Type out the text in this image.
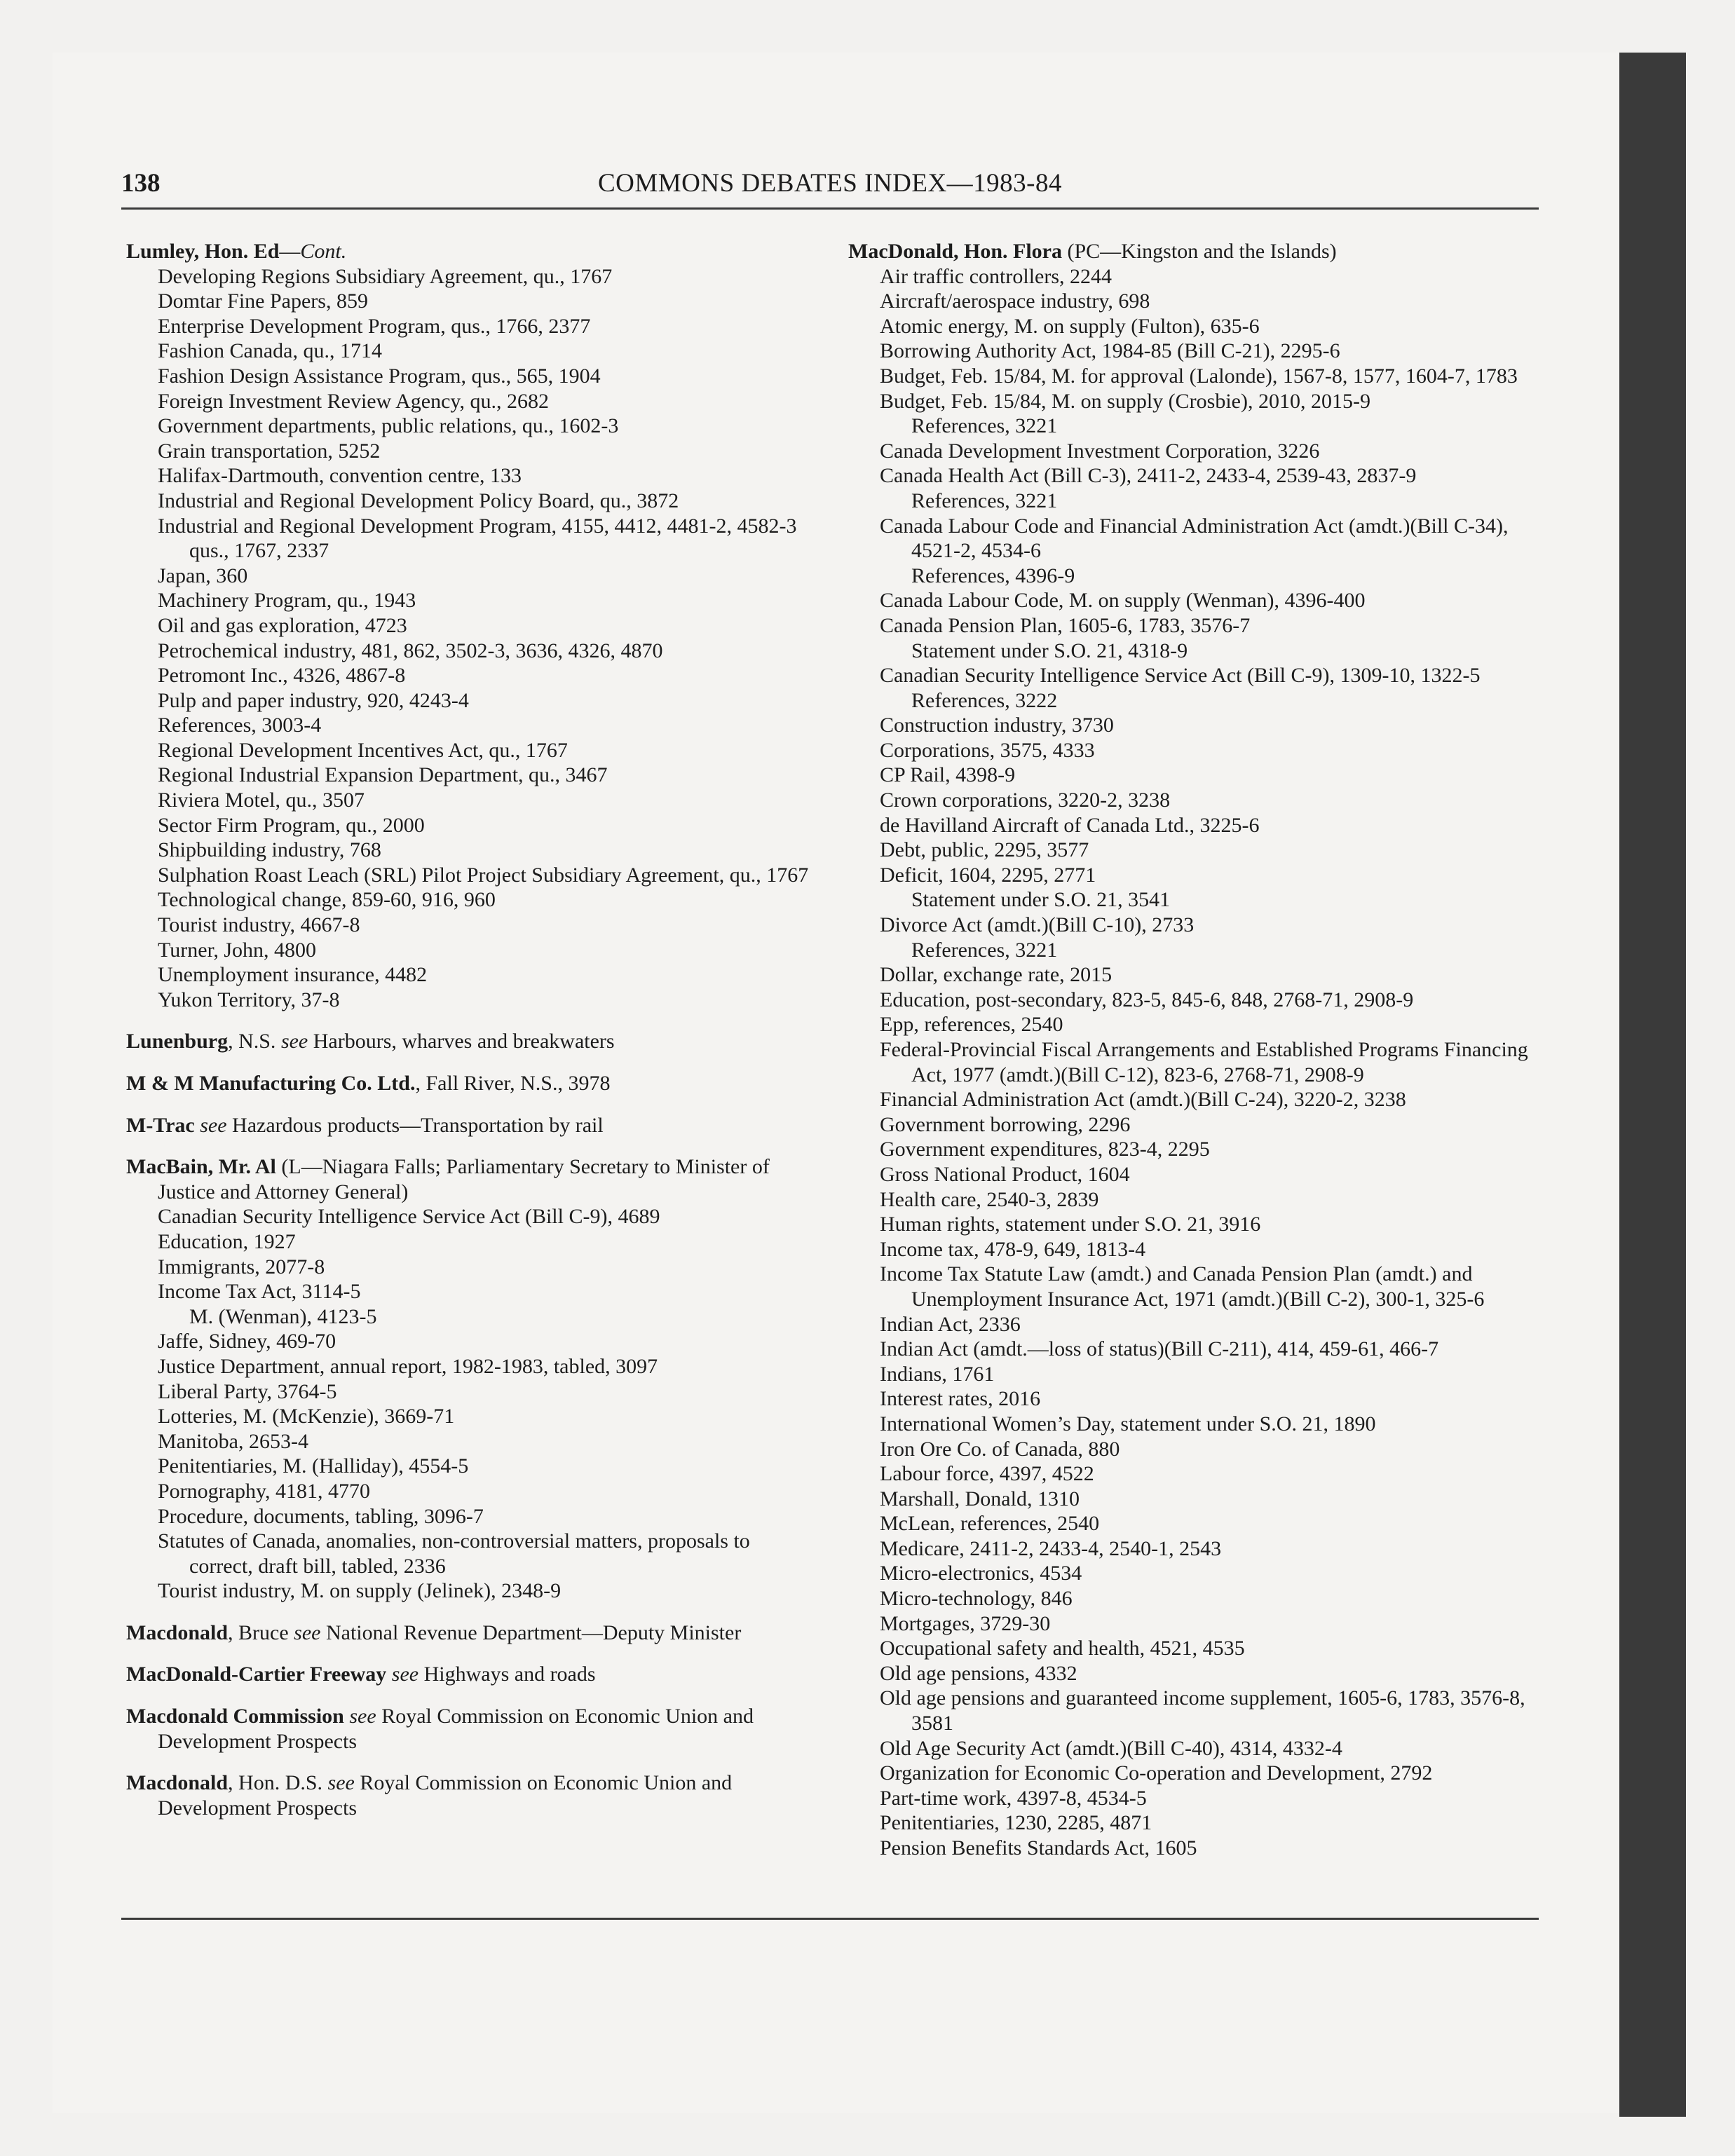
138	COMMONS DEBATES INDEX—1983-84
Lumley, Hon. Ed—Cont.
Developing Regions Subsidiary Agreement, qu., 1767
Domtar Fine Papers, 859
Enterprise Development Program, qus., 1766, 2377
Fashion Canada, qu., 1714
Fashion Design Assistance Program, qus., 565, 1904
Foreign Investment Review Agency, qu., 2682
Government departments, public relations, qu., 1602-3
Grain transportation, 5252
Halifax-Dartmouth, convention centre, 133
Industrial and Regional Development Policy Board, qu., 3872
Industrial and Regional Development Program, 4155, 4412, 4481-2, 4582-3
qus., 1767, 2337
Japan, 360
Machinery Program, qu., 1943
Oil and gas exploration, 4723
Petrochemical industry, 481, 862, 3502-3, 3636, 4326, 4870
Petromont Inc., 4326, 4867-8
Pulp and paper industry, 920, 4243-4
References, 3003-4
Regional Development Incentives Act, qu., 1767
Regional Industrial Expansion Department, qu., 3467
Riviera Motel, qu., 3507
Sector Firm Program, qu., 2000
Shipbuilding industry, 768
Sulphation Roast Leach (SRL) Pilot Project Subsidiary Agreement, qu., 1767
Technological change, 859-60, 916, 960
Tourist industry, 4667-8
Turner, John, 4800
Unemployment insurance, 4482
Yukon Territory, 37-8
Lunenburg, N.S. see Harbours, wharves and breakwaters
M & M Manufacturing Co. Ltd., Fall River, N.S., 3978
M-Trac see Hazardous products—Transportation by rail
MacBain, Mr. Al (L—Niagara Falls; Parliamentary Secretary to Minister of Justice and Attorney General)
Canadian Security Intelligence Service Act (Bill C-9), 4689
Education, 1927
Immigrants, 2077-8
Income Tax Act, 3114-5
M. (Wenman), 4123-5
Jaffe, Sidney, 469-70
Justice Department, annual report, 1982-1983, tabled, 3097
Liberal Party, 3764-5
Lotteries, M. (McKenzie), 3669-71
Manitoba, 2653-4
Penitentiaries, M. (Halliday), 4554-5
Pornography, 4181, 4770
Procedure, documents, tabling, 3096-7
Statutes of Canada, anomalies, non-controversial matters, proposals to correct, draft bill, tabled, 2336
Tourist industry, M. on supply (Jelinek), 2348-9
Macdonald, Bruce see National Revenue Department—Deputy Minister
MacDonald-Cartier Freeway see Highways and roads
Macdonald Commission see Royal Commission on Economic Union and Development Prospects
Macdonald, Hon. D.S. see Royal Commission on Economic Union and Development Prospects
MacDonald, Hon. Flora (PC—Kingston and the Islands)
Air traffic controllers, 2244
Aircraft/aerospace industry, 698
Atomic energy, M. on supply (Fulton), 635-6
Borrowing Authority Act, 1984-85 (Bill C-21), 2295-6
Budget, Feb. 15/84, M. for approval (Lalonde), 1567-8, 1577, 1604-7, 1783
Budget, Feb. 15/84, M. on supply (Crosbie), 2010, 2015-9
References, 3221
Canada Development Investment Corporation, 3226
Canada Health Act (Bill C-3), 2411-2, 2433-4, 2539-43, 2837-9
References, 3221
Canada Labour Code and Financial Administration Act (amdt.)(Bill C-34), 4521-2, 4534-6
References, 4396-9
Canada Labour Code, M. on supply (Wenman), 4396-400
Canada Pension Plan, 1605-6, 1783, 3576-7
Statement under S.O. 21, 4318-9
Canadian Security Intelligence Service Act (Bill C-9), 1309-10, 1322-5
References, 3222
Construction industry, 3730
Corporations, 3575, 4333
CP Rail, 4398-9
Crown corporations, 3220-2, 3238
de Havilland Aircraft of Canada Ltd., 3225-6
Debt, public, 2295, 3577
Deficit, 1604, 2295, 2771
Statement under S.O. 21, 3541
Divorce Act (amdt.)(Bill C-10), 2733
References, 3221
Dollar, exchange rate, 2015
Education, post-secondary, 823-5, 845-6, 848, 2768-71, 2908-9
Epp, references, 2540
Federal-Provincial Fiscal Arrangements and Established Programs Financing Act, 1977 (amdt.)(Bill C-12), 823-6, 2768-71, 2908-9
Financial Administration Act (amdt.)(Bill C-24), 3220-2, 3238
Government borrowing, 2296
Government expenditures, 823-4, 2295
Gross National Product, 1604
Health care, 2540-3, 2839
Human rights, statement under S.O. 21, 3916
Income tax, 478-9, 649, 1813-4
Income Tax Statute Law (amdt.) and Canada Pension Plan (amdt.) and Unemployment Insurance Act, 1971 (amdt.)(Bill C-2), 300-1, 325-6
Indian Act, 2336
Indian Act (amdt.—loss of status)(Bill C-211), 414, 459-61, 466-7
Indians, 1761
Interest rates, 2016
International Women’s Day, statement under S.O. 21, 1890
Iron Ore Co. of Canada, 880
Labour force, 4397, 4522
Marshall, Donald, 1310
McLean, references, 2540
Medicare, 2411-2, 2433-4, 2540-1, 2543
Micro-electronics, 4534
Micro-technology, 846
Mortgages, 3729-30
Occupational safety and health, 4521, 4535
Old age pensions, 4332
Old age pensions and guaranteed income supplement, 1605-6, 1783, 3576-8, 3581
Old Age Security Act (amdt.)(Bill C-40), 4314, 4332-4
Organization for Economic Co-operation and Development, 2792
Part-time work, 4397-8, 4534-5
Penitentiaries, 1230, 2285, 4871
Pension Benefits Standards Act, 1605
